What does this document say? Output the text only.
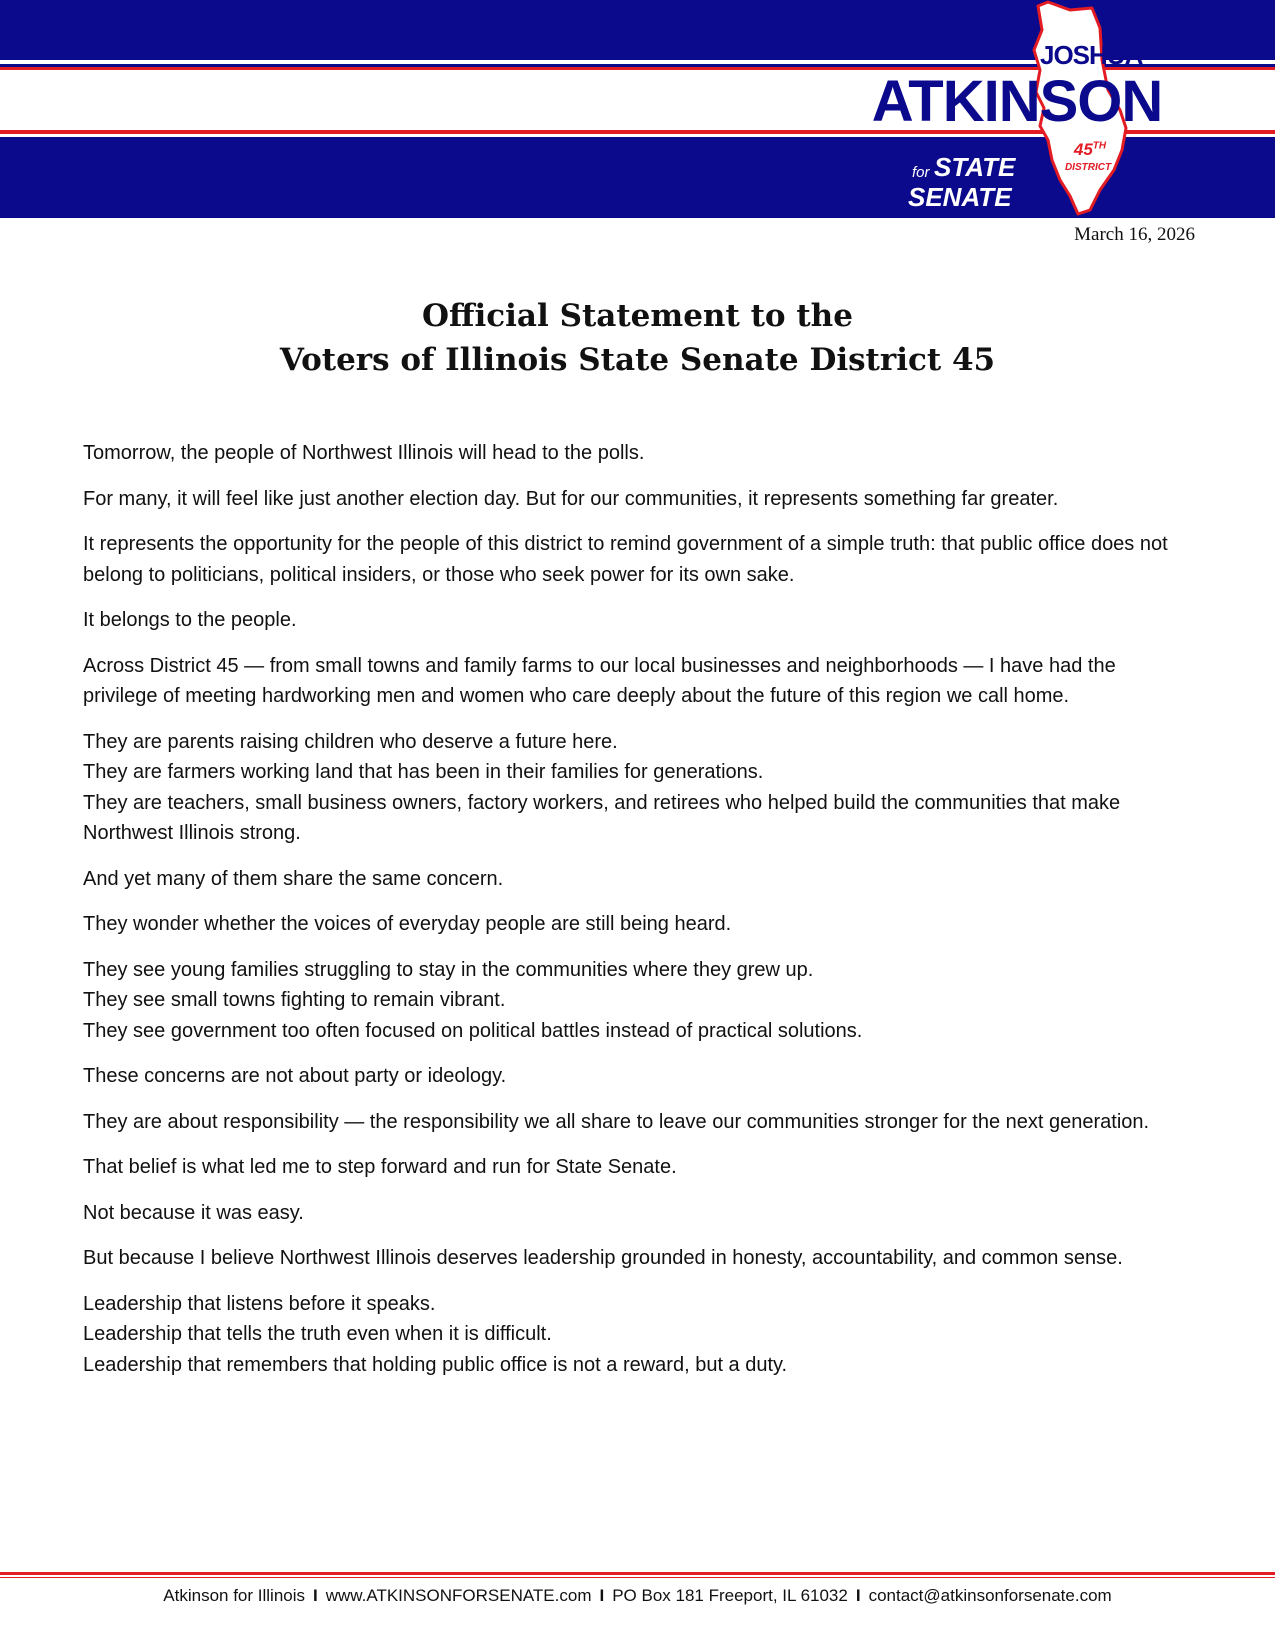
JOSHUA
ATKINSON
45TH
DISTRICT
for STATE
SENATE
March 16, 2026
Official Statement to the
Voters of Illinois State Senate District 45

Tomorrow, the people of Northwest Illinois will head to the polls.

For many, it will feel like just another election day. But for our communities, it represents something far greater.

It represents the opportunity for the people of this district to remind government of a simple truth: that public office does not belong to politicians, political insiders, or those who seek power for its own sake.

It belongs to the people.

Across District 45 — from small towns and family farms to our local businesses and neighborhoods — I have had the privilege of meeting hardworking men and women who care deeply about the future of this region we call home.

They are parents raising children who deserve a future here.
They are farmers working land that has been in their families for generations.
They are teachers, small business owners, factory workers, and retirees who helped build the communities that make Northwest Illinois strong.

And yet many of them share the same concern.

They wonder whether the voices of everyday people are still being heard.

They see young families struggling to stay in the communities where they grew up.
They see small towns fighting to remain vibrant.
They see government too often focused on political battles instead of practical solutions.

These concerns are not about party or ideology.

They are about responsibility — the responsibility we all share to leave our communities stronger for the next generation.

That belief is what led me to step forward and run for State Senate.

Not because it was easy.

But because I believe Northwest Illinois deserves leadership grounded in honesty, accountability, and common sense.

Leadership that listens before it speaks.
Leadership that tells the truth even when it is difficult.
Leadership that remembers that holding public office is not a reward, but a duty.

Atkinson for Illinois I www.ATKINSONFORSENATE.com I PO Box 181 Freeport, IL 61032 I contact@atkinsonforsenate.com
